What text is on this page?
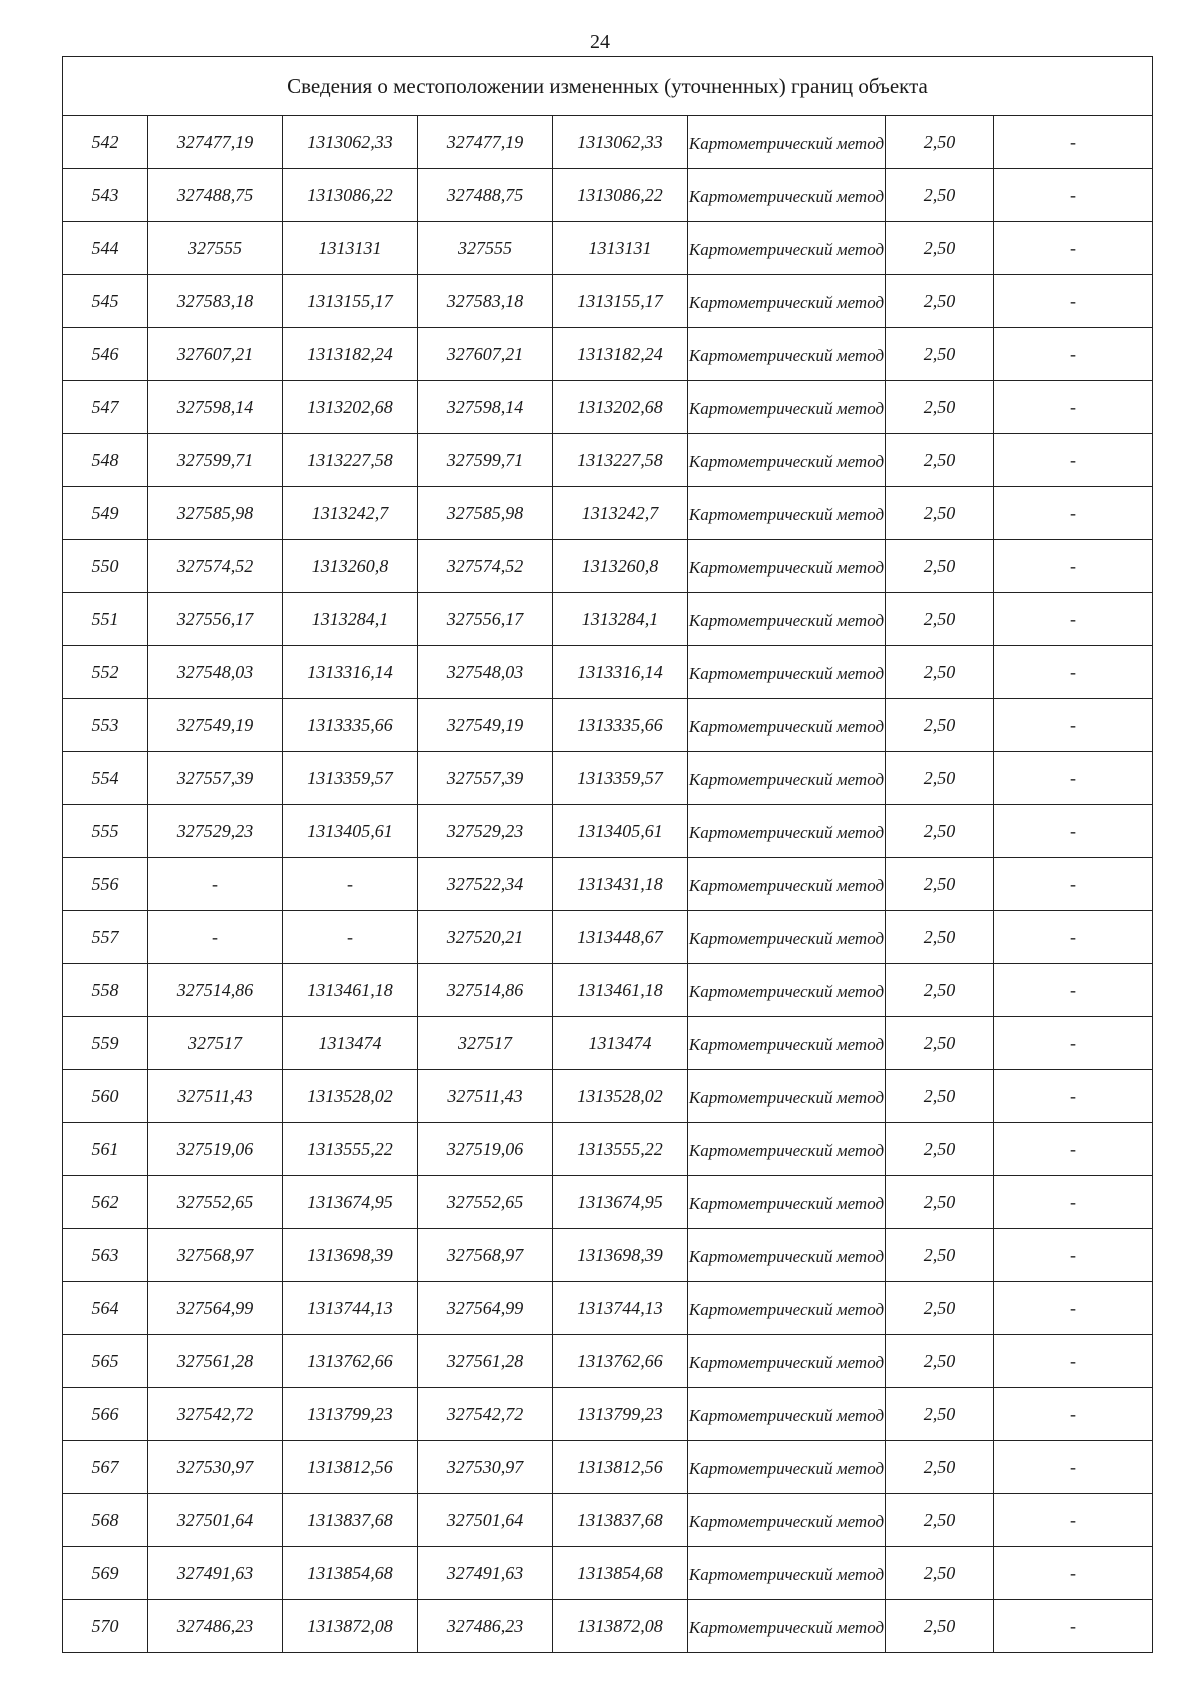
24
Сведения о местоположении измененных (уточненных) границ объекта							
542	327477,19	1313062,33	327477,19	1313062,33	Картометрический метод	2,50	-
543	327488,75	1313086,22	327488,75	1313086,22	Картометрический метод	2,50	-
544	327555	1313131	327555	1313131	Картометрический метод	2,50	-
545	327583,18	1313155,17	327583,18	1313155,17	Картометрический метод	2,50	-
546	327607,21	1313182,24	327607,21	1313182,24	Картометрический метод	2,50	-
547	327598,14	1313202,68	327598,14	1313202,68	Картометрический метод	2,50	-
548	327599,71	1313227,58	327599,71	1313227,58	Картометрический метод	2,50	-
549	327585,98	1313242,7	327585,98	1313242,7	Картометрический метод	2,50	-
550	327574,52	1313260,8	327574,52	1313260,8	Картометрический метод	2,50	-
551	327556,17	1313284,1	327556,17	1313284,1	Картометрический метод	2,50	-
552	327548,03	1313316,14	327548,03	1313316,14	Картометрический метод	2,50	-
553	327549,19	1313335,66	327549,19	1313335,66	Картометрический метод	2,50	-
554	327557,39	1313359,57	327557,39	1313359,57	Картометрический метод	2,50	-
555	327529,23	1313405,61	327529,23	1313405,61	Картометрический метод	2,50	-
556	-	-	327522,34	1313431,18	Картометрический метод	2,50	-
557	-	-	327520,21	1313448,67	Картометрический метод	2,50	-
558	327514,86	1313461,18	327514,86	1313461,18	Картометрический метод	2,50	-
559	327517	1313474	327517	1313474	Картометрический метод	2,50	-
560	327511,43	1313528,02	327511,43	1313528,02	Картометрический метод	2,50	-
561	327519,06	1313555,22	327519,06	1313555,22	Картометрический метод	2,50	-
562	327552,65	1313674,95	327552,65	1313674,95	Картометрический метод	2,50	-
563	327568,97	1313698,39	327568,97	1313698,39	Картометрический метод	2,50	-
564	327564,99	1313744,13	327564,99	1313744,13	Картометрический метод	2,50	-
565	327561,28	1313762,66	327561,28	1313762,66	Картометрический метод	2,50	-
566	327542,72	1313799,23	327542,72	1313799,23	Картометрический метод	2,50	-
567	327530,97	1313812,56	327530,97	1313812,56	Картометрический метод	2,50	-
568	327501,64	1313837,68	327501,64	1313837,68	Картометрический метод	2,50	-
569	327491,63	1313854,68	327491,63	1313854,68	Картометрический метод	2,50	-
570	327486,23	1313872,08	327486,23	1313872,08	Картометрический метод	2,50	-
